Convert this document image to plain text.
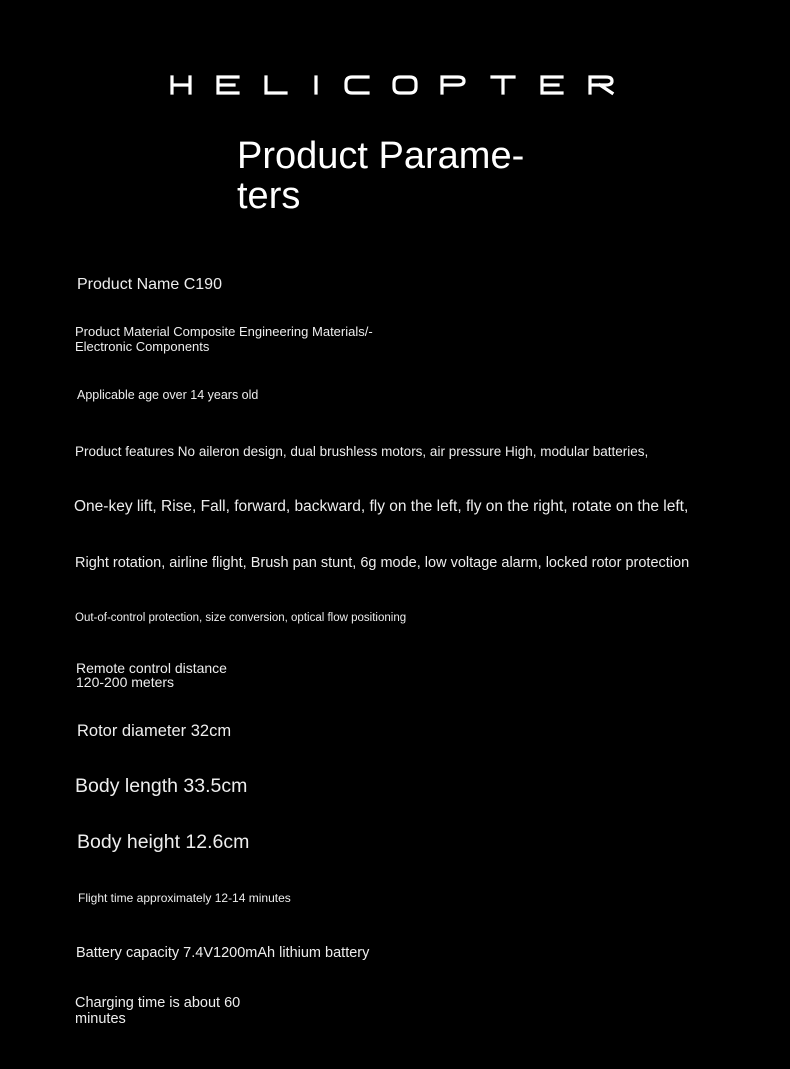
Product Parame-
ters

Product Name C190

Product Material Composite Engineering Materials/-
Electronic Components

Applicable age over 14 years old

Product features No aileron design, dual brushless motors, air pressure High, modular batteries,

One-key lift, Rise, Fall, forward, backward, fly on the left, fly on the right, rotate on the left,

Right rotation, airline flight, Brush pan stunt, 6g mode, low voltage alarm, locked rotor protection

Out-of-control protection, size conversion, optical flow positioning

Remote control distance
120-200 meters

Rotor diameter 32cm

Body length 33.5cm

Body height 12.6cm

Flight time approximately 12-14 minutes

Battery capacity 7.4V1200mAh lithium battery

Charging time is about 60
minutes
